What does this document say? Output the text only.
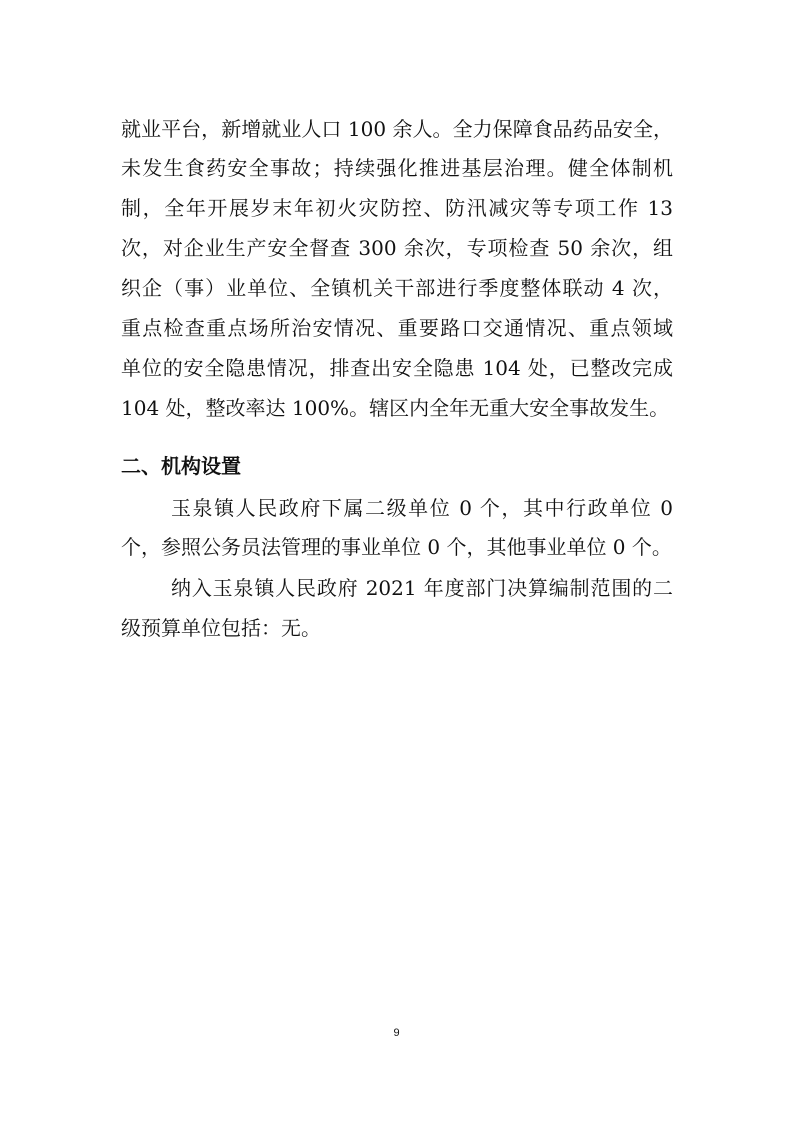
就业平台，新增就业人口 100 余人。全力保障食品药品安全，
未发生食药安全事故；持续强化推进基层治理。健全体制机
制，全年开展岁末年初火灾防控、防汛减灾等专项工作 13
次，对企业生产安全督查 300 余次，专项检查 50 余次，组
织企（事）业单位、全镇机关干部进行季度整体联动 4 次，
重点检查重点场所治安情况、重要路口交通情况、重点领域
单位的安全隐患情况，排查出安全隐患 104 处，已整改完成
104 处，整改率达 100%。辖区内全年无重大安全事故发生。
二、机构设置
玉泉镇人民政府下属二级单位 0 个，其中行政单位 0
个，参照公务员法管理的事业单位 0 个，其他事业单位 0 个。
纳入玉泉镇人民政府 2021 年度部门决算编制范围的二
级预算单位包括：无。
9
